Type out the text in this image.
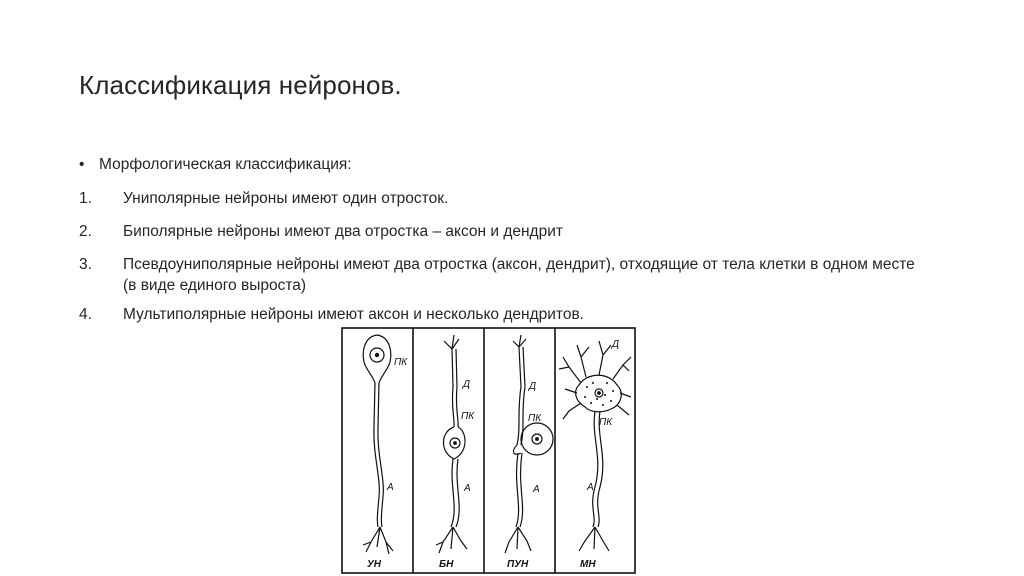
Классификация нейронов.
• Морфологическая классификация:
1.	Униполярные нейроны имеют один отросток.
2.	Биполярные нейроны имеют два отростка – аксон и дендрит
3.	Псевдоуниполярные нейроны имеют два отростка (аксон, дендрит), отходящие от тела клетки в одном месте (в виде единого выроста)
4.	Мультиполярные нейроны имеют аксон и несколько дендритов.
ПК
А
УН
Д
ПК
А
БН
Д
ПК
А
ПУН
Д
ПК
А
МН
